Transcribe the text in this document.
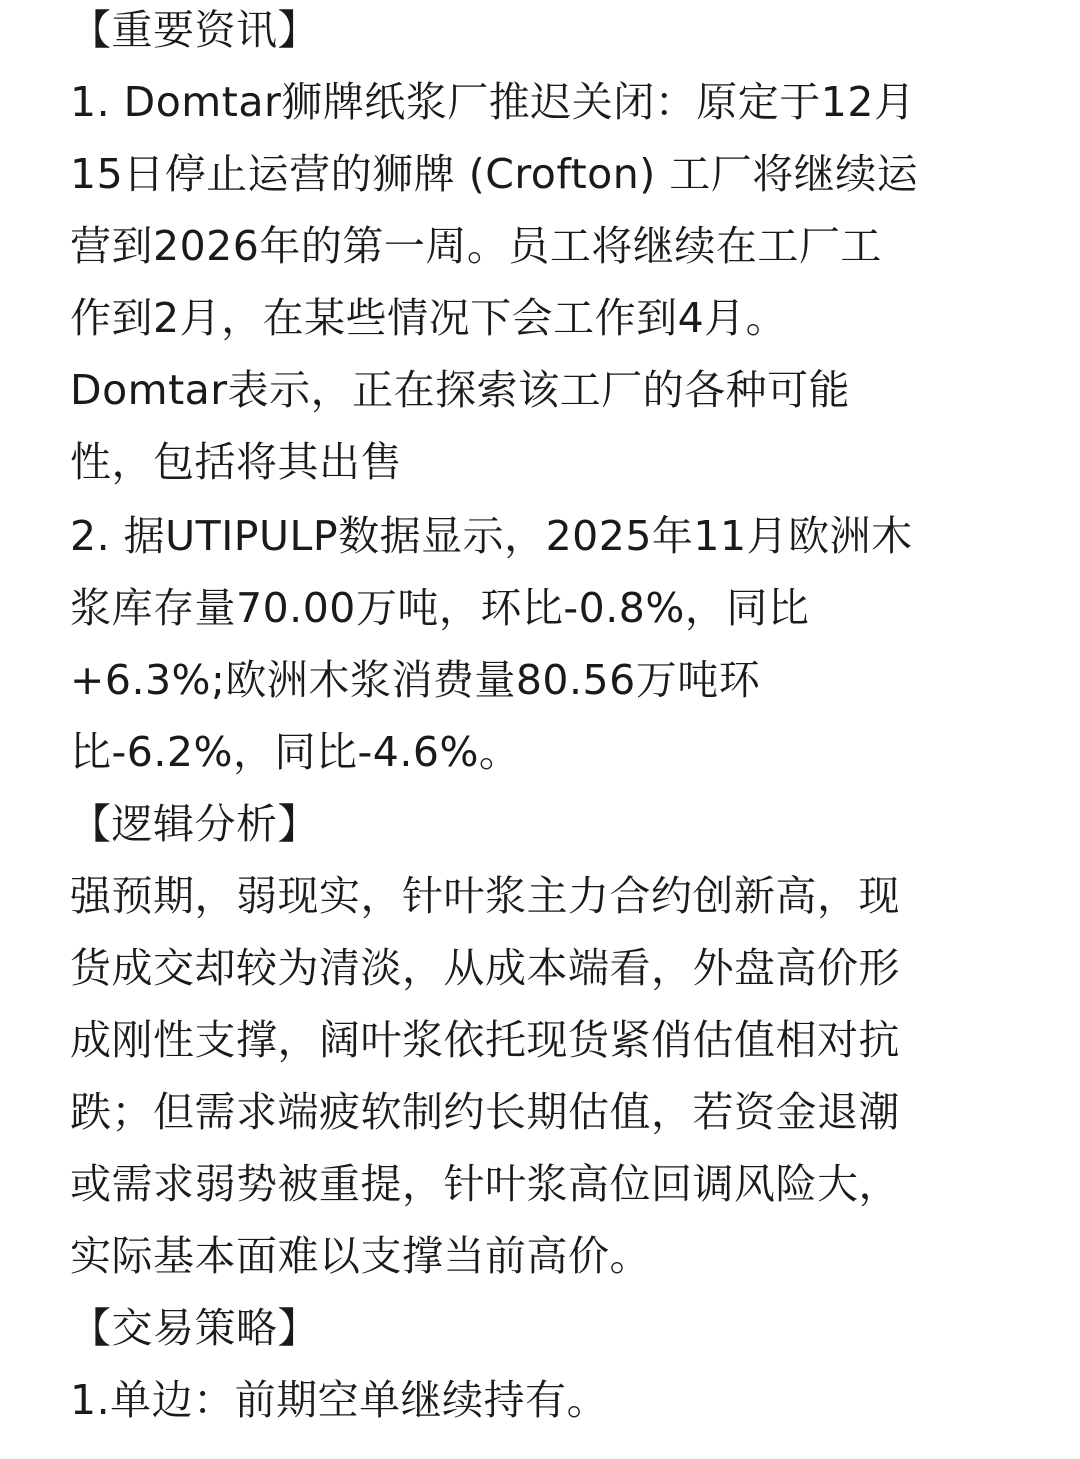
【重要资讯】
1. Domtar狮牌纸浆厂推迟关闭：原定于12月
15日停止运营的狮牌 (Crofton) 工厂将继续运
营到2026年的第一周。员工将继续在工厂工
作到2月，在某些情况下会工作到4月。
Domtar表示，正在探索该工厂的各种可能
性，包括将其出售
2. 据UTIPULP数据显示，2025年11月欧洲木
浆库存量70.00万吨，环比-0.8%，同比
+6.3%;欧洲木浆消费量80.56万吨环
比-6.2%，同比-4.6%。
【逻辑分析】
强预期，弱现实，针叶浆主力合约创新高，现
货成交却较为清淡，从成本端看，外盘高价形
成刚性支撑，阔叶浆依托现货紧俏估值相对抗
跌；但需求端疲软制约长期估值，若资金退潮
或需求弱势被重提，针叶浆高位回调风险大，
实际基本面难以支撑当前高价。
【交易策略】
1.单边：前期空单继续持有。
